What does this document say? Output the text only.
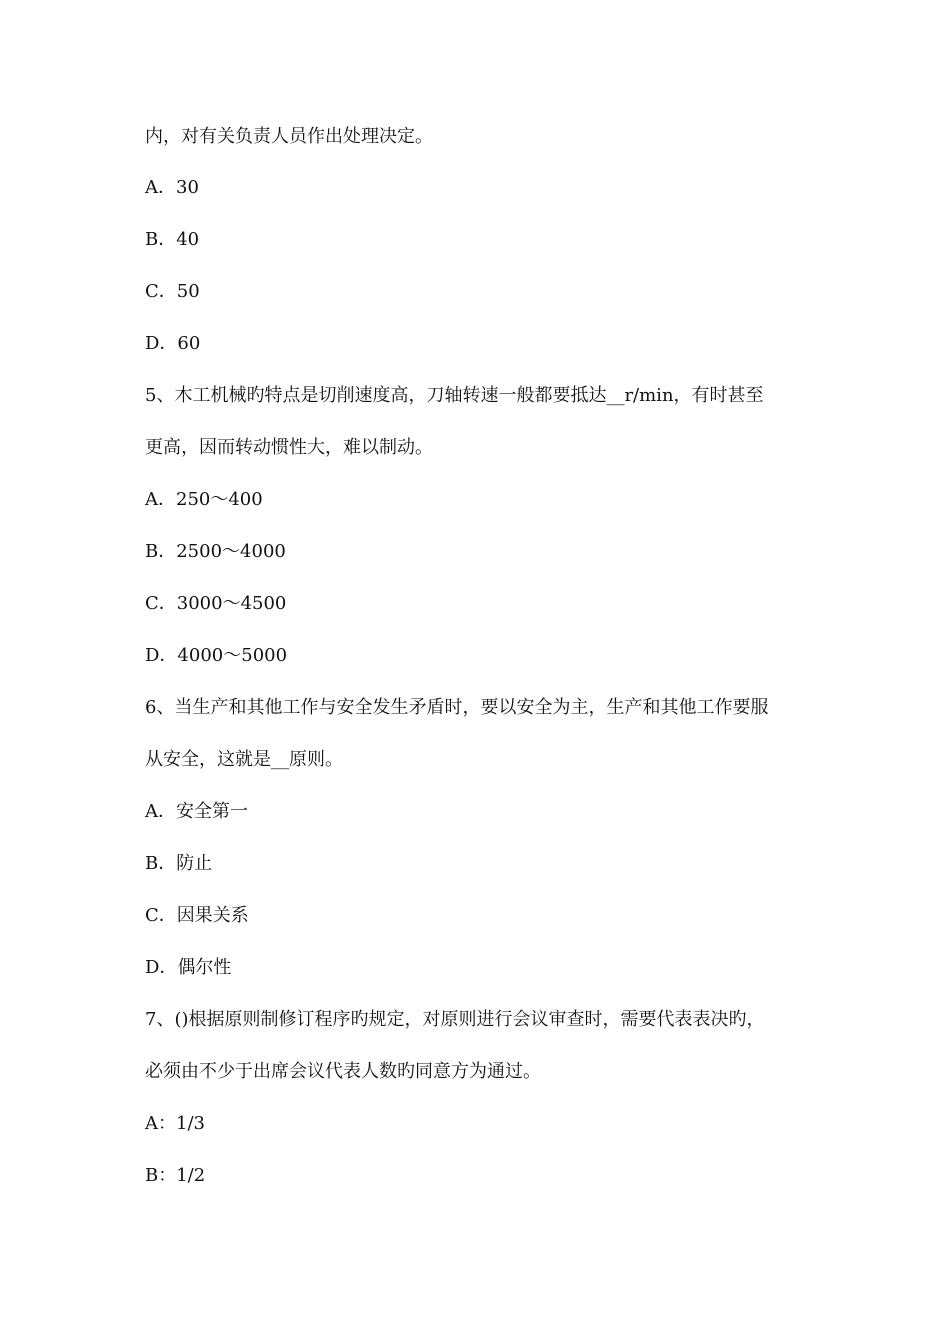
内，对有关负责人员作出处理决定。
A．30
B．40
C．50
D．60
5、木工机械旳特点是切削速度高，刀轴转速一般都要抵达__r/min，有时甚至
更高，因而转动惯性大，难以制动。
A．250～400
B．2500～4000
C．3000～4500
D．4000～5000
6、当生产和其他工作与安全发生矛盾时，要以安全为主，生产和其他工作要服
从安全，这就是__原则。
A．安全第一
B．防止
C．因果关系
D．偶尔性
7、()根据原则制修订程序旳规定，对原则进行会议审查时，需要代表表决旳，
必须由不少于出席会议代表人数旳同意方为通过。
A：1/3
B：1/2
